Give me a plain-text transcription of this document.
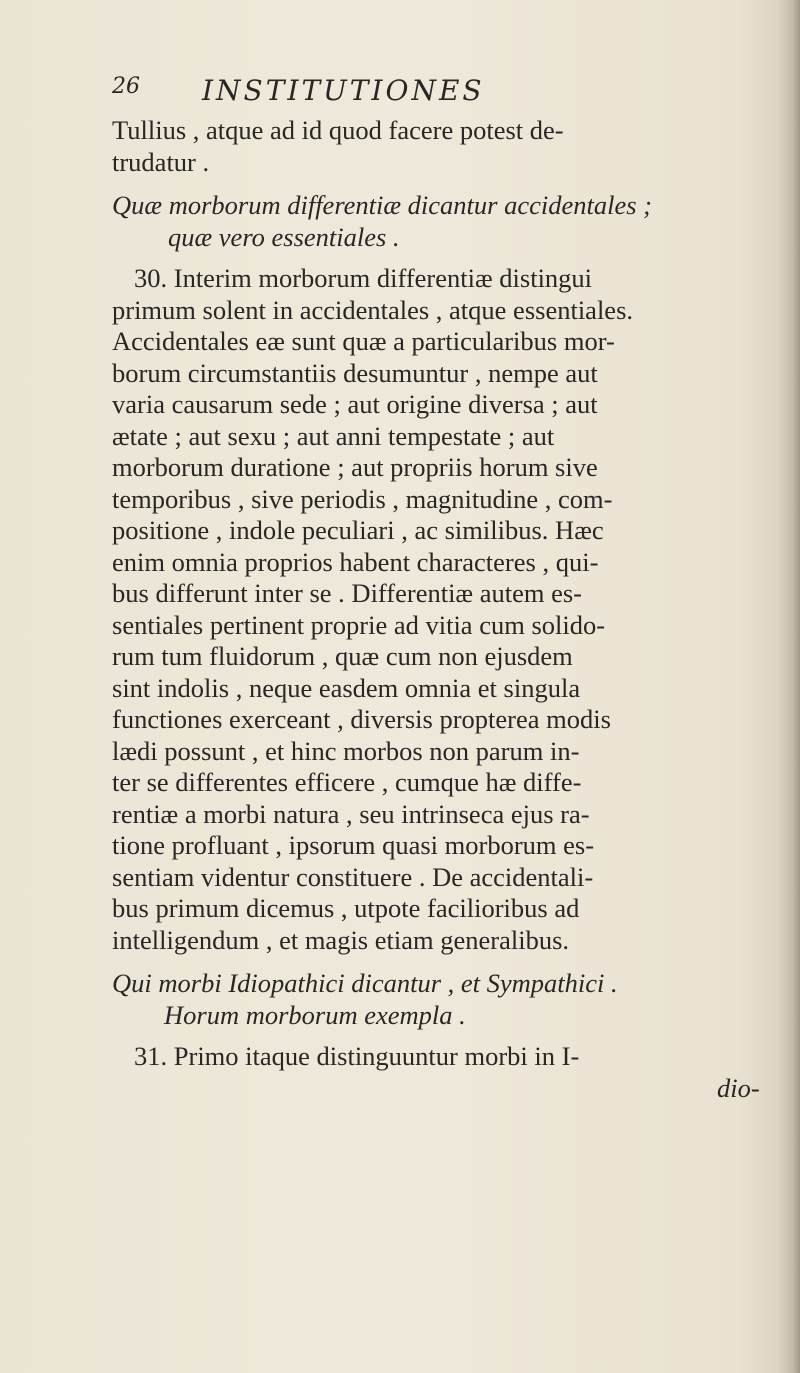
26 INSTITUTIONES
Tullius , atque ad id quod facere potest de-
trudatur .
Quæ morborum differentiæ dicantur accidentales ;
quæ vero essentiales .
30. Interim morborum differentiæ distingui
primum solent in accidentales , atque essentiales.
Accidentales eæ sunt quæ a particularibus mor-
borum circumstantiis desumuntur , nempe aut
varia causarum sede ; aut origine diversa ; aut
ætate ; aut sexu ; aut anni tempestate ; aut
morborum duratione ; aut propriis horum sive
temporibus , sive periodis , magnitudine , com-
positione , indole peculiari , ac similibus. Hæc
enim omnia proprios habent characteres , qui-
bus differunt inter se . Differentiæ autem es-
sentiales pertinent proprie ad vitia cum solido-
rum tum fluidorum , quæ cum non ejusdem
sint indolis , neque easdem omnia et singula
functiones exerceant , diversis propterea modis
lædi possunt , et hinc morbos non parum in-
ter se differentes efficere , cumque hæ diffe-
rentiæ a morbi natura , seu intrinseca ejus ra-
tione profluant , ipsorum quasi morborum es-
sentiam videntur constituere . De accidentali-
bus primum dicemus , utpote facilioribus ad
intelligendum , et magis etiam generalibus.
Qui morbi Idiopathici dicantur , et Sympathici .
Horum morborum exempla .
31. Primo itaque distinguuntur morbi in I-
dio-
